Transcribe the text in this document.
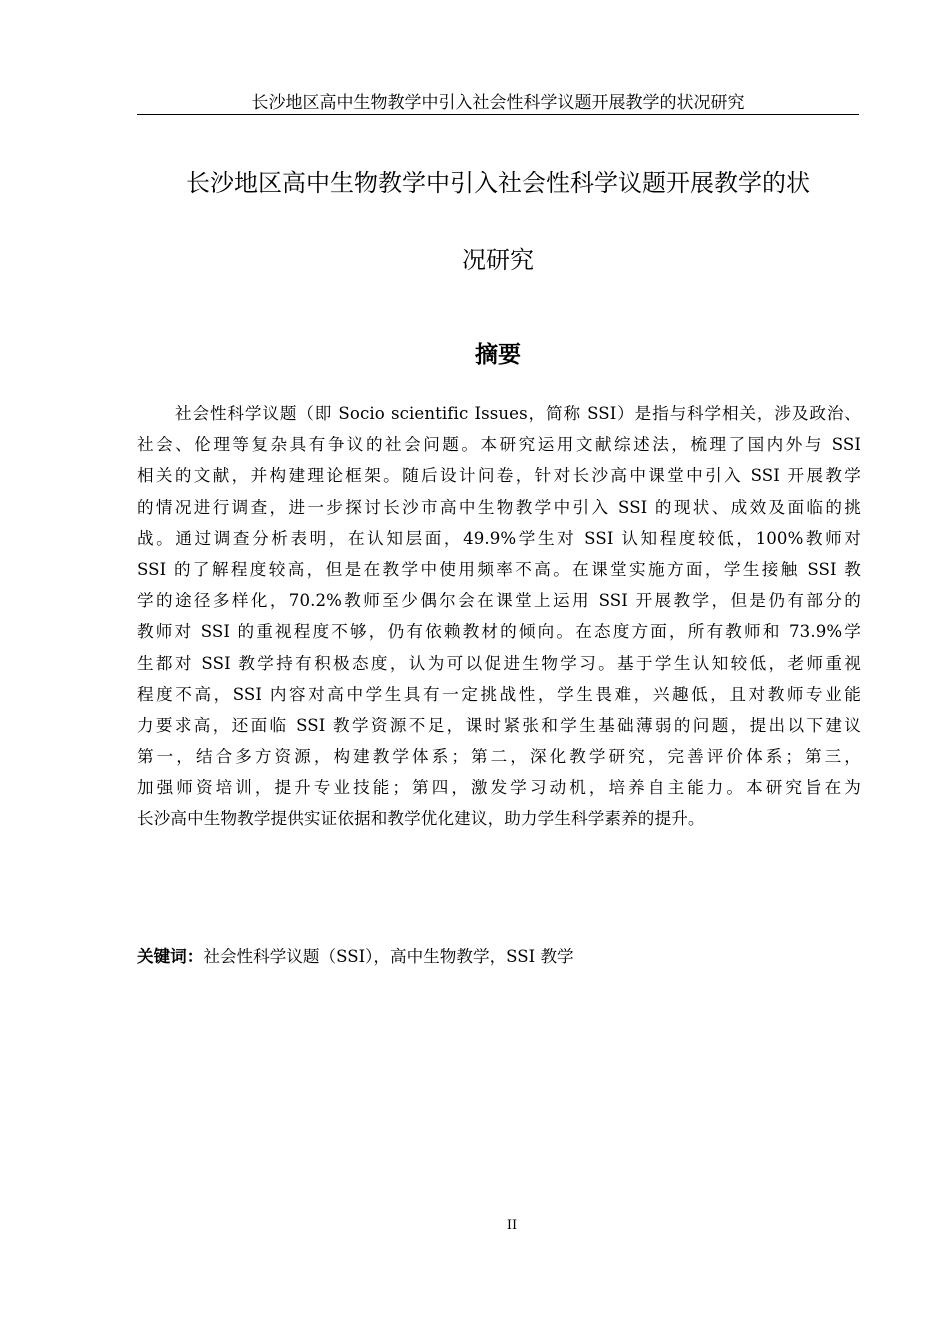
长沙地区高中生物教学中引入社会性科学议题开展教学的状况研究
长沙地区高中生物教学中引入社会性科学议题开展教学的状
况研究
摘要
社会性科学议题（即 Socio scientific Issues，简称 SSI）是指与科学相关，涉及政治、
社会、伦理等复杂具有争议的社会问题。本研究运用文献综述法，梳理了国内外与 SSI
相关的文献，并构建理论框架。随后设计问卷，针对长沙高中课堂中引入 SSI 开展教学
的情况进行调查，进一步探讨长沙市高中生物教学中引入 SSI 的现状、成效及面临的挑
战。通过调查分析表明，在认知层面，49.9%学生对 SSI 认知程度较低，100%教师对
SSI 的了解程度较高，但是在教学中使用频率不高。在课堂实施方面，学生接触 SSI 教
学的途径多样化，70.2%教师至少偶尔会在课堂上运用 SSI 开展教学，但是仍有部分的
教师对 SSI 的重视程度不够，仍有依赖教材的倾向。在态度方面，所有教师和 73.9%学
生都对 SSI 教学持有积极态度，认为可以促进生物学习。基于学生认知较低，老师重视
程度不高，SSI 内容对高中学生具有一定挑战性，学生畏难，兴趣低，且对教师专业能
力要求高，还面临 SSI 教学资源不足，课时紧张和学生基础薄弱的问题，提出以下建议
第一，结合多方资源，构建教学体系；第二，深化教学研究，完善评价体系；第三，
加强师资培训，提升专业技能；第四，激发学习动机，培养自主能力。本研究旨在为
长沙高中生物教学提供实证依据和教学优化建议，助力学生科学素养的提升。
关键词：社会性科学议题（SSI），高中生物教学，SSI 教学
II
